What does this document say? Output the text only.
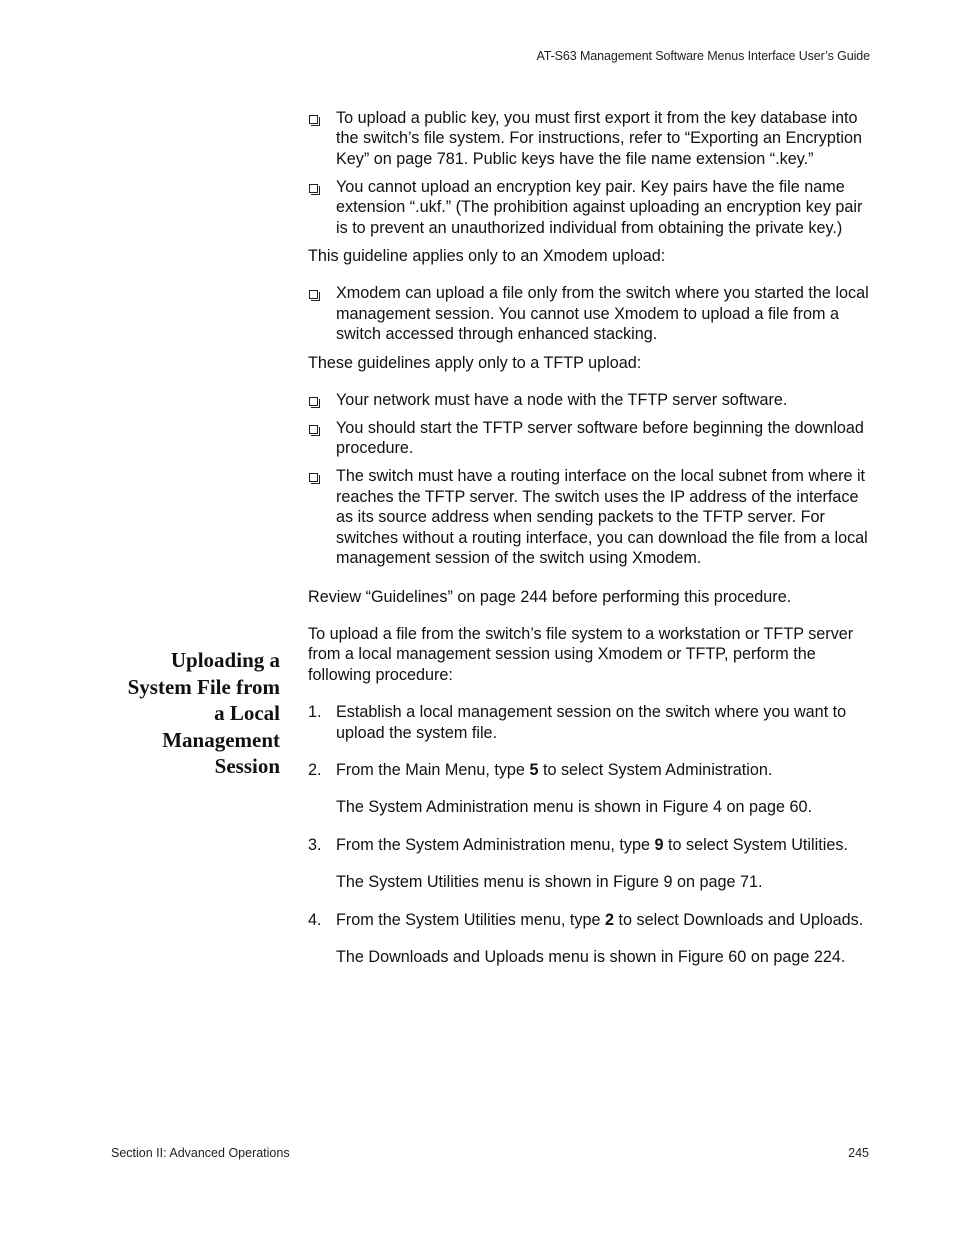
AT-S63 Management Software Menus Interface User’s Guide
To upload a public key, you must first export it from the key database into the switch’s file system. For instructions, refer to “Exporting an Encryption Key” on page 781. Public keys have the file name extension “.key.”
You cannot upload an encryption key pair. Key pairs have the file name extension “.ukf.” (The prohibition against uploading an encryption key pair is to prevent an unauthorized individual from obtaining the private key.)

This guideline applies only to an Xmodem upload:

Xmodem can upload a file only from the switch where you started the local management session. You cannot use Xmodem to upload a file from a switch accessed through enhanced stacking.

These guidelines apply only to a TFTP upload:

Your network must have a node with the TFTP server software.
You should start the TFTP server software before beginning the download procedure.
The switch must have a routing interface on the local subnet from where it reaches the TFTP server. The switch uses the IP address of the interface as its source address when sending packets to the TFTP server. For switches without a routing interface, you can download the file from a local management session of the switch using Xmodem.

Review “Guidelines” on page 244 before performing this procedure.

To upload a file from the switch’s file system to a workstation or TFTP server from a local management session using Xmodem or TFTP, perform the following procedure:

1. Establish a local management session on the switch where you want to upload the system file.
2. From the Main Menu, type 5 to select System Administration.
The System Administration menu is shown in Figure 4 on page 60.
3. From the System Administration menu, type 9 to select System Utilities.
The System Utilities menu is shown in Figure 9 on page 71.
4. From the System Utilities menu, type 2 to select Downloads and Uploads.
The Downloads and Uploads menu is shown in Figure 60 on page 224.
Uploading a
System File from
a Local
Management
Session
Section II: Advanced Operations	245
